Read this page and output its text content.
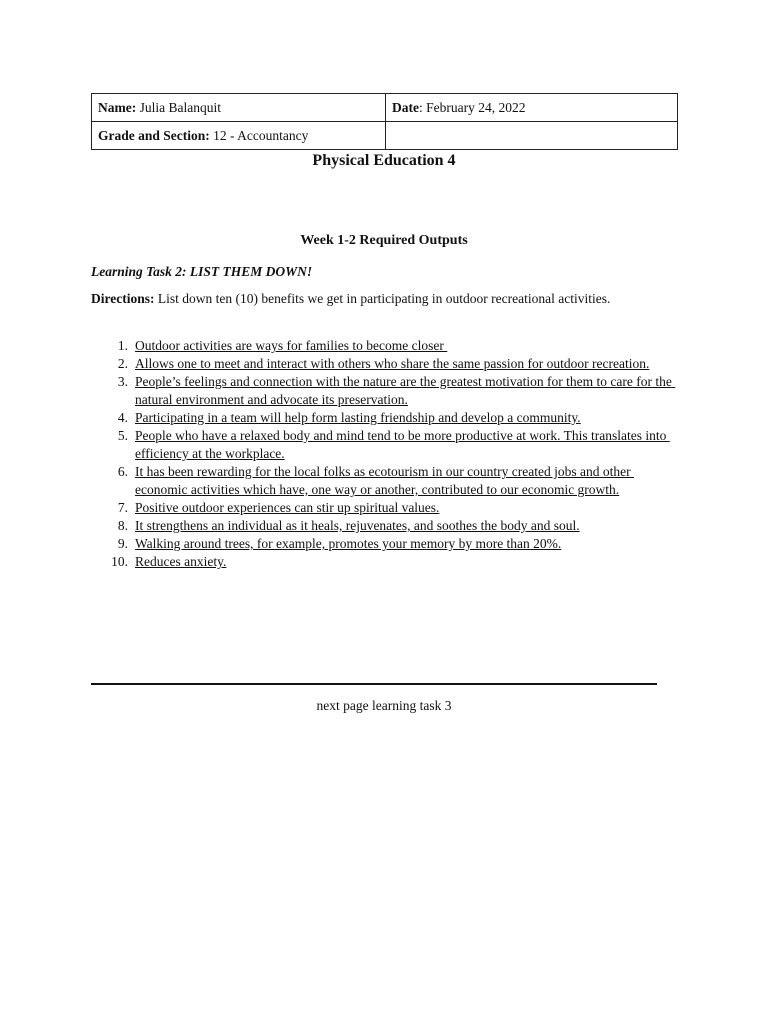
Name: Julia Balanquit	Date: February 24, 2022
Grade and Section: 12 - Accountancy	
Physical Education 4
Week 1-2 Required Outputs

Learning Task 2: LIST THEM DOWN!

Directions: List down ten (10) benefits we get in participating in outdoor recreational activities.

1. Outdoor activities are ways for families to become closer
2. Allows one to meet and interact with others who share the same passion for outdoor recreation.
3. People’s feelings and connection with the nature are the greatest motivation for them to care for the natural environment and advocate its preservation.
4. Participating in a team will help form lasting friendship and develop a community.
5. People who have a relaxed body and mind tend to be more productive at work. This translates into efficiency at the workplace.
6. It has been rewarding for the local folks as ecotourism in our country created jobs and other economic activities which have, one way or another, contributed to our economic growth.
7. Positive outdoor experiences can stir up spiritual values.
8. It strengthens an individual as it heals, rejuvenates, and soothes the body and soul.
9. Walking around trees, for example, promotes your memory by more than 20%.
10. Reduces anxiety.

next page learning task 3
